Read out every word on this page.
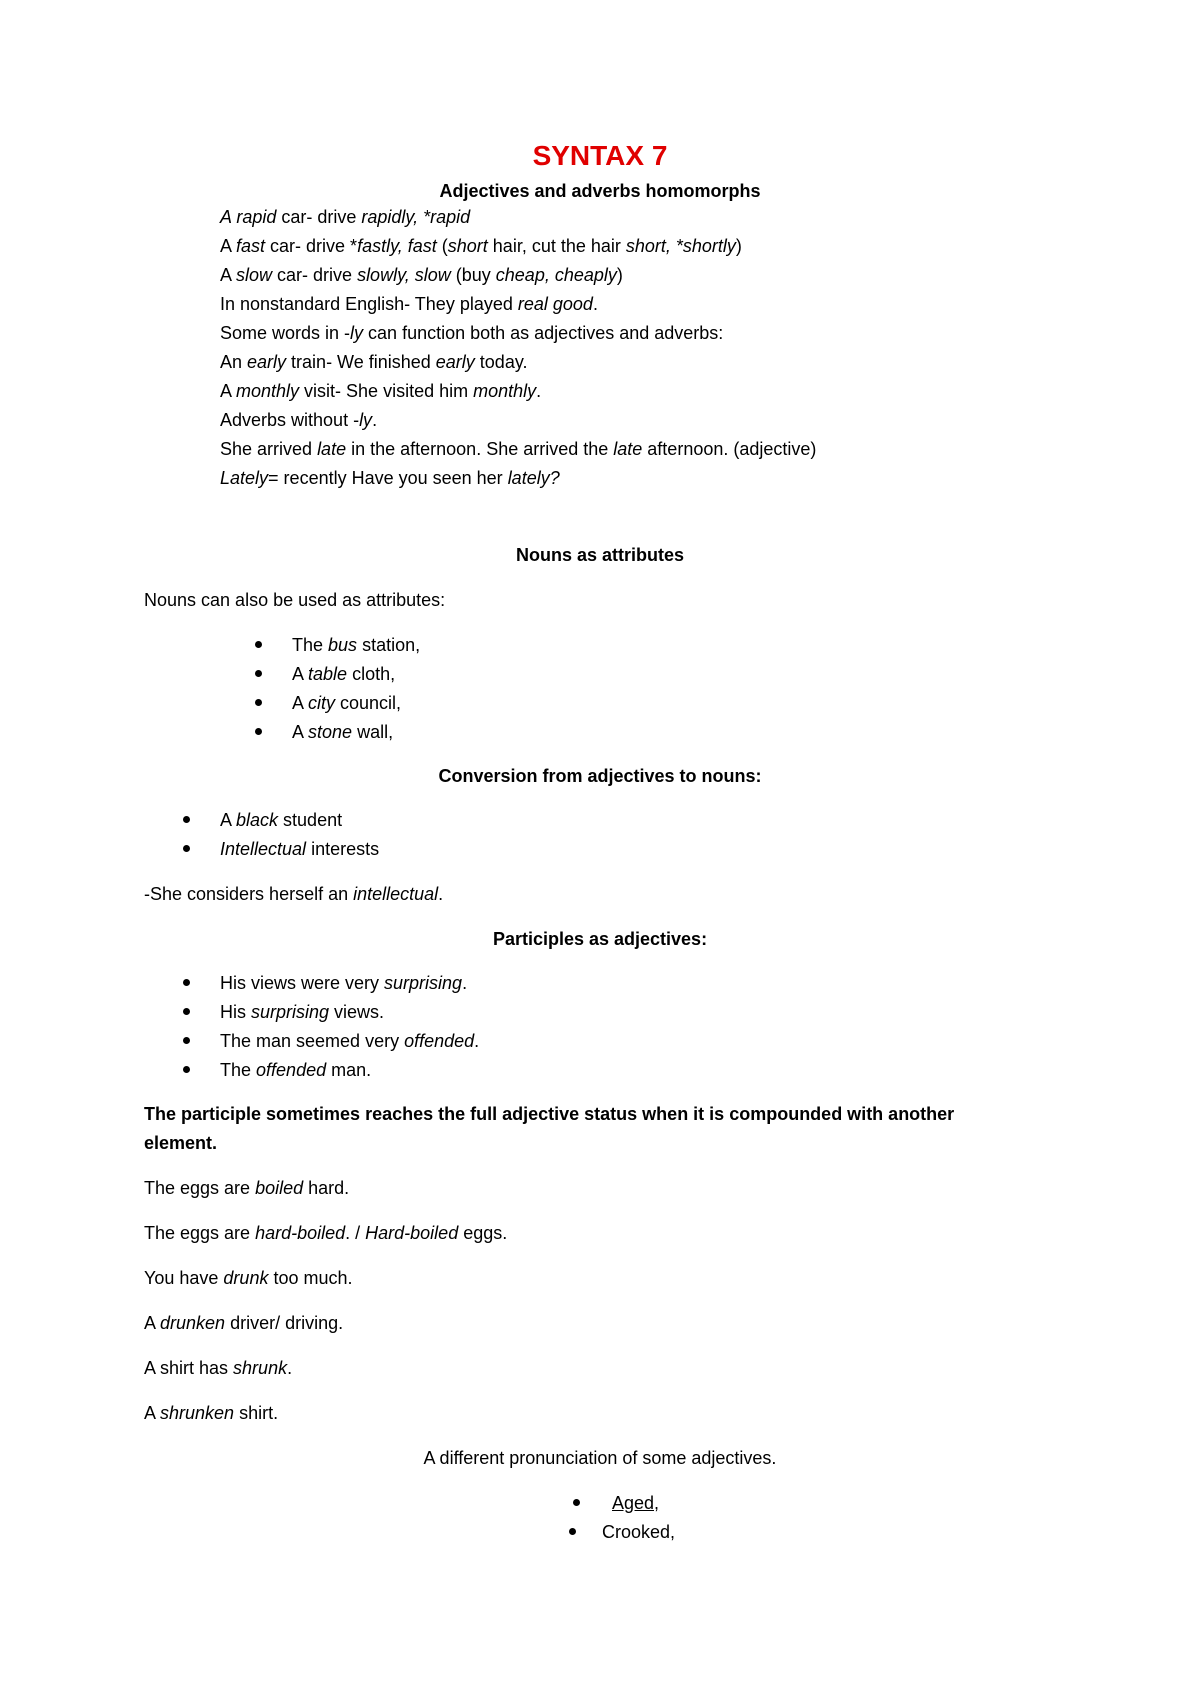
SYNTAX 7
Adjectives and adverbs homomorphs
A rapid car- drive rapidly, *rapid
A fast car- drive *fastly, fast (short hair, cut the hair short, *shortly)
A slow car- drive slowly, slow (buy cheap, cheaply)
In nonstandard English- They played real good.
Some words in -ly can function both as adjectives and adverbs:
An early train- We finished early today.
A monthly visit- She visited him monthly.
Adverbs without -ly.
She arrived late in the afternoon. She arrived the late afternoon. (adjective)
Lately= recently Have you seen her lately?
Nouns as attributes
Nouns can also be used as attributes:
The bus station,
A table cloth,
A city council,
A stone wall,
Conversion from adjectives to nouns:
A black student
Intellectual interests
-She considers herself an intellectual.
Participles as adjectives:
His views were very surprising.
His surprising views.
The man seemed very offended.
The offended man.
The participle sometimes reaches the full adjective status when it is compounded with another
element.
The eggs are boiled hard.
The eggs are hard-boiled. / Hard-boiled eggs.
You have drunk too much.
A drunken driver/ driving.
A shirt has shrunk.
A shrunken shirt.
A different pronunciation of some adjectives.
Aged,
Crooked,
